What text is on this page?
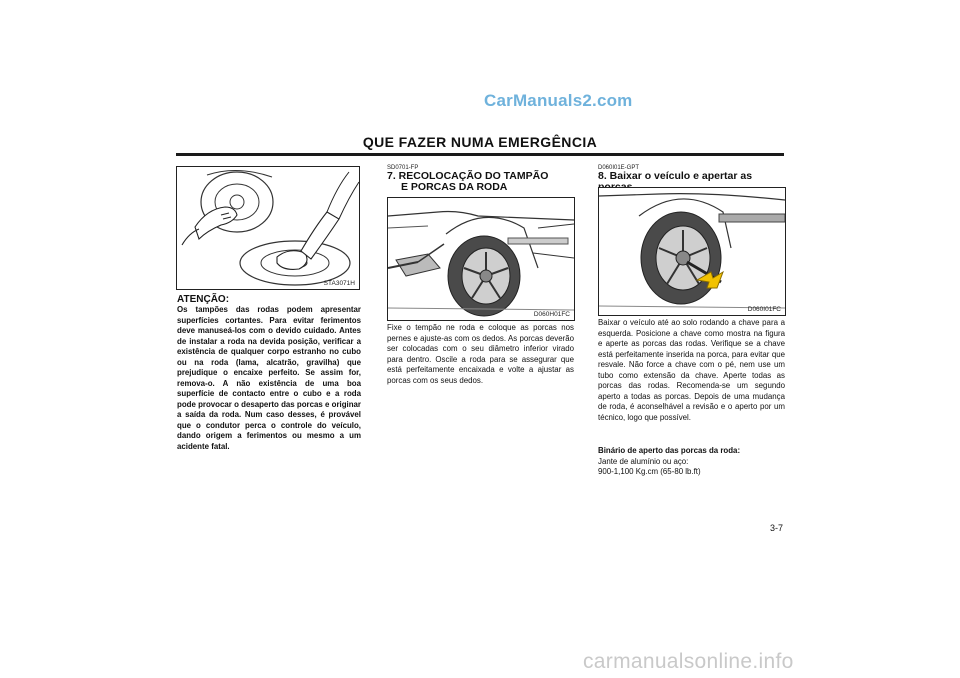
CarManuals2.com
QUE FAZER NUMA EMERGÊNCIA
STA3071H
ATENÇÃO:
Os tampões das rodas podem apresentar superfícies cortantes. Para evitar ferimentos deve manuseá-los com o devido cuidado. Antes de instalar a roda na devida posição, verificar a existência de qualquer corpo estranho no cubo ou na roda (lama, alcatrão, gravilha) que prejudique o encaixe perfeito. Se assim for, remova-o. A não existência de uma boa superfície de contacto entre o cubo e a roda pode provocar o desaperto das porcas e originar a saída da roda. Num caso desses, é provável que o condutor perca o controle do veículo, dando origem a ferimentos ou mesmo a um acidente fatal.
SD0701-FP
7. RECOLOCAÇÃO DO TAMPÃO
E PORCAS DA RODA
D060H01FC
Fixe o tempão ne roda e coloque as porcas nos pernes e ajuste-as com os dedos. As porcas deverão ser colocadas com o seu diâmetro inferior virado para dentro. Oscile a roda para se assegurar que está perfeitamente encaixada e volte a ajustar as porcas com os seus dedos.
D060I01E-GPT
8. Baixar o veículo e apertar as
D060I01FC
Baixar o veículo até ao solo rodando a chave para a esquerda. Posicione a chave como mostra na figura e aperte as porcas das rodas. Verifique se a chave está perfeitamente inserida na porca, para evitar que resvale. Não force a chave com o pé, nem use um tubo como extensão da chave. Aperte todas as porcas das rodas. Recomenda-se um segundo aperto a todas as porcas. Depois de uma mudança de roda, é aconselhável a revisão e o aperto por um técnico, logo que possível.
Binário de aperto das porcas da roda:
Jante de alumínio ou aço:
900-1,100 Kg.cm (65-80 lb.ft)
3-7
carmanualsonline.info
